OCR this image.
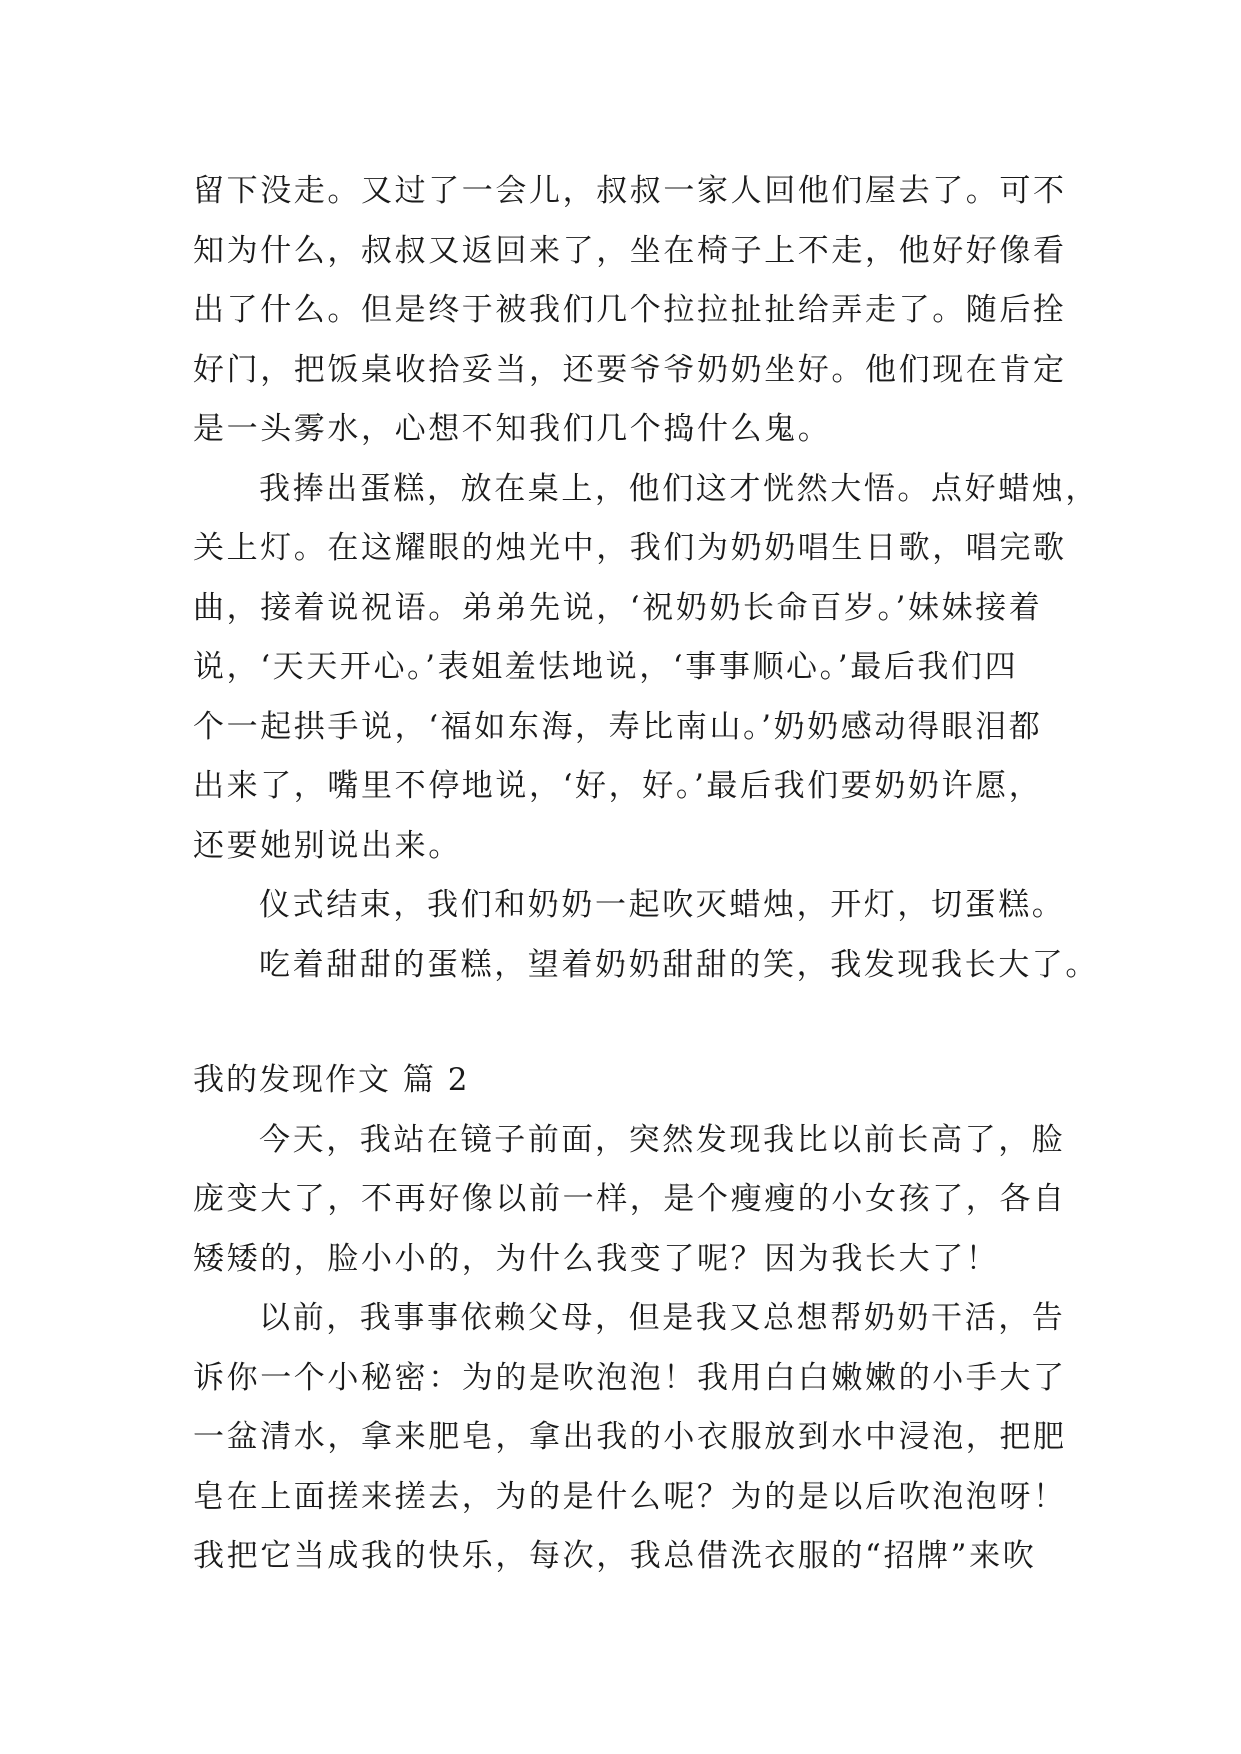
留下没走。又过了一会儿，叔叔一家人回他们屋去了。可不
知为什么，叔叔又返回来了，坐在椅子上不走，他好好像看
出了什么。但是终于被我们几个拉拉扯扯给弄走了。随后拴
好门，把饭桌收拾妥当，还要爷爷奶奶坐好。他们现在肯定
是一头雾水，心想不知我们几个捣什么鬼。
我捧出蛋糕，放在桌上，他们这才恍然大悟。点好蜡烛，
关上灯。在这耀眼的烛光中，我们为奶奶唱生日歌，唱完歌
曲，接着说祝语。弟弟先说，‘祝奶奶长命百岁。’妹妹接着
说，‘天天开心。’表姐羞怯地说，‘事事顺心。’最后我们四
个一起拱手说，‘福如东海，寿比南山。’奶奶感动得眼泪都
出来了，嘴里不停地说，‘好，好。’最后我们要奶奶许愿，
还要她别说出来。
仪式结束，我们和奶奶一起吹灭蜡烛，开灯，切蛋糕。
吃着甜甜的蛋糕，望着奶奶甜甜的笑，我发现我长大了。
我的发现作文 篇 2
今天，我站在镜子前面，突然发现我比以前长高了，脸
庞变大了，不再好像以前一样，是个瘦瘦的小女孩了，各自
矮矮的，脸小小的，为什么我变了呢？因为我长大了！
以前，我事事依赖父母，但是我又总想帮奶奶干活，告
诉你一个小秘密：为的是吹泡泡！我用白白嫩嫩的小手大了
一盆清水，拿来肥皂，拿出我的小衣服放到水中浸泡，把肥
皂在上面搓来搓去，为的是什么呢？为的是以后吹泡泡呀！
我把它当成我的快乐，每次，我总借洗衣服的“招牌”来吹
